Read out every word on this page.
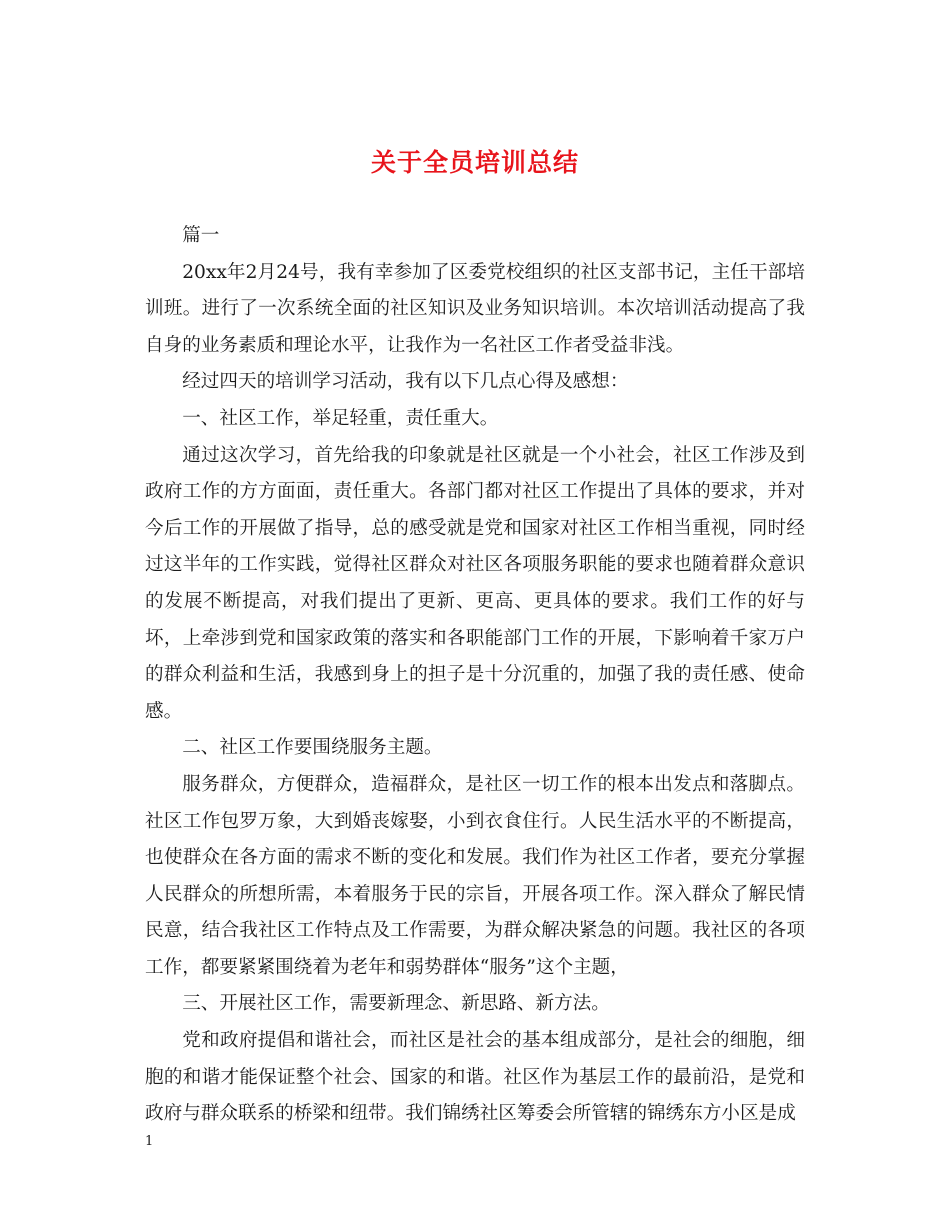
关于全员培训总结

篇一

20xx年2月24号，我有幸参加了区委党校组织的社区支部书记，主任干部培训班。进行了一次系统全面的社区知识及业务知识培训。本次培训活动提高了我自身的业务素质和理论水平，让我作为一名社区工作者受益非浅。

经过四天的培训学习活动，我有以下几点心得及感想：

一、社区工作，举足轻重，责任重大。

通过这次学习，首先给我的印象就是社区就是一个小社会，社区工作涉及到政府工作的方方面面，责任重大。各部门都对社区工作提出了具体的要求，并对今后工作的开展做了指导，总的感受就是党和国家对社区工作相当重视，同时经过这半年的工作实践，觉得社区群众对社区各项服务职能的要求也随着群众意识的发展不断提高，对我们提出了更新、更高、更具体的要求。我们工作的好与坏，上牵涉到党和国家政策的落实和各职能部门工作的开展，下影响着千家万户的群众利益和生活，我感到身上的担子是十分沉重的，加强了我的责任感、使命感。

二、社区工作要围绕服务主题。

服务群众，方便群众，造福群众，是社区一切工作的根本出发点和落脚点。社区工作包罗万象，大到婚丧嫁娶，小到衣食住行。人民生活水平的不断提高，也使群众在各方面的需求不断的变化和发展。我们作为社区工作者，要充分掌握人民群众的所想所需，本着服务于民的宗旨，开展各项工作。深入群众了解民情民意，结合我社区工作特点及工作需要，为群众解决紧急的问题。我社区的各项工作，都要紧紧围绕着为老年和弱势群体“服务”这个主题，

三、开展社区工作，需要新理念、新思路、新方法。

党和政府提倡和谐社会，而社区是社会的基本组成部分，是社会的细胞，细胞的和谐才能保证整个社会、国家的和谐。社区作为基层工作的最前沿，是党和政府与群众联系的桥梁和纽带。我们锦绣社区筹委会所管辖的锦绣东方小区是成

1
